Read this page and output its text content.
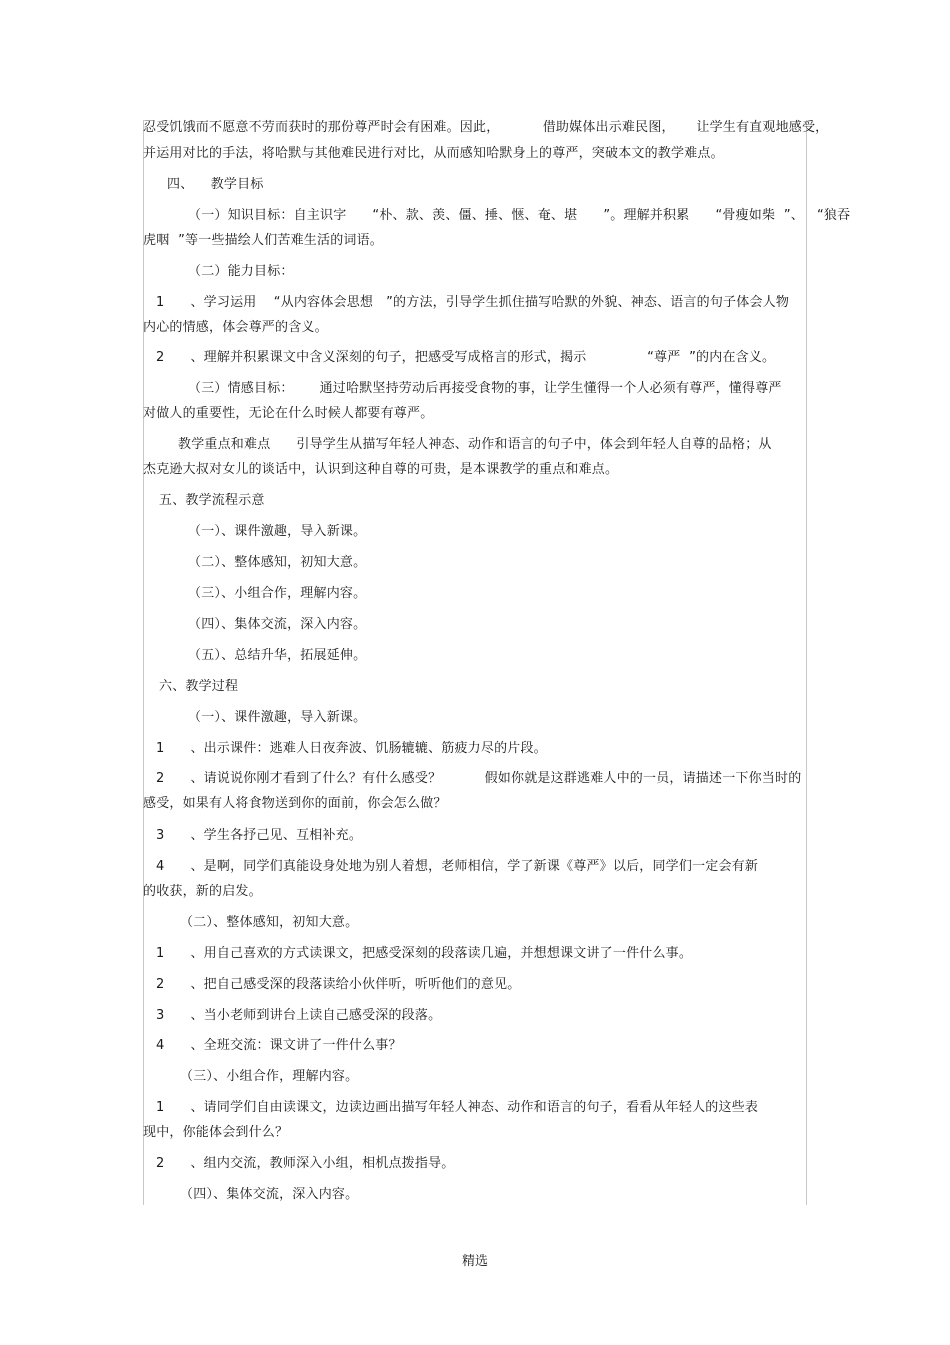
忍受饥饿而不愿意不劳而获时的那份尊严时会有困难。因此，          借助媒体出示难民图，     让学生有直观地感受，
并运用对比的手法，将哈默与其他难民进行对比，从而感知哈默身上的尊严，突破本文的教学难点。
四、    教学目标
（一）知识目标：自主识字      “朴、款、羡、僵、捶、惬、奄、堪      ”。理解并积累      “骨瘦如柴  ”、   “狼吞
虎咽  ”等一些描绘人们苦难生活的词语。
（二）能力目标：
1      、学习运用    “从内容体会思想   ”的方法，引导学生抓住描写哈默的外貌、神态、语言的句子体会人物
内心的情感，体会尊严的含义。
2      、理解并积累课文中含义深刻的句子，把感受写成格言的形式，揭示              “尊严  ”的内在含义。
（三）情感目标：      通过哈默坚持劳动后再接受食物的事，让学生懂得一个人必须有尊严，懂得尊严
对做人的重要性，无论在什么时候人都要有尊严。
教学重点和难点      引导学生从描写年轻人神态、动作和语言的句子中，体会到年轻人自尊的品格；从
杰克逊大叔对女儿的谈话中，认识到这种自尊的可贵，是本课教学的重点和难点。
五、教学流程示意
（一）、课件激趣，导入新课。
（二）、整体感知，初知大意。
（三）、小组合作，理解内容。
（四）、集体交流，深入内容。
（五）、总结升华，拓展延伸。
六、教学过程
（一）、课件激趣，导入新课。
1      、出示课件：逃难人日夜奔波、饥肠辘辘、筋疲力尽的片段。
2      、请说说你刚才看到了什么？有什么感受？          假如你就是这群逃难人中的一员，请描述一下你当时的
感受，如果有人将食物送到你的面前，你会怎么做？
3      、学生各抒己见、互相补充。
4      、是啊，同学们真能设身处地为别人着想，老师相信，学了新课《尊严》以后，同学们一定会有新
的收获，新的启发。
（二）、整体感知，初知大意。
1      、用自己喜欢的方式读课文，把感受深刻的段落读几遍，并想想课文讲了一件什么事。
2      、把自己感受深的段落读给小伙伴听，听听他们的意见。
3      、当小老师到讲台上读自己感受深的段落。
4      、全班交流：课文讲了一件什么事？
（三）、小组合作，理解内容。
1      、请同学们自由读课文，边读边画出描写年轻人神态、动作和语言的句子，看看从年轻人的这些表
现中，你能体会到什么？
2      、组内交流，教师深入小组，相机点拨指导。
（四）、集体交流，深入内容。
精选
